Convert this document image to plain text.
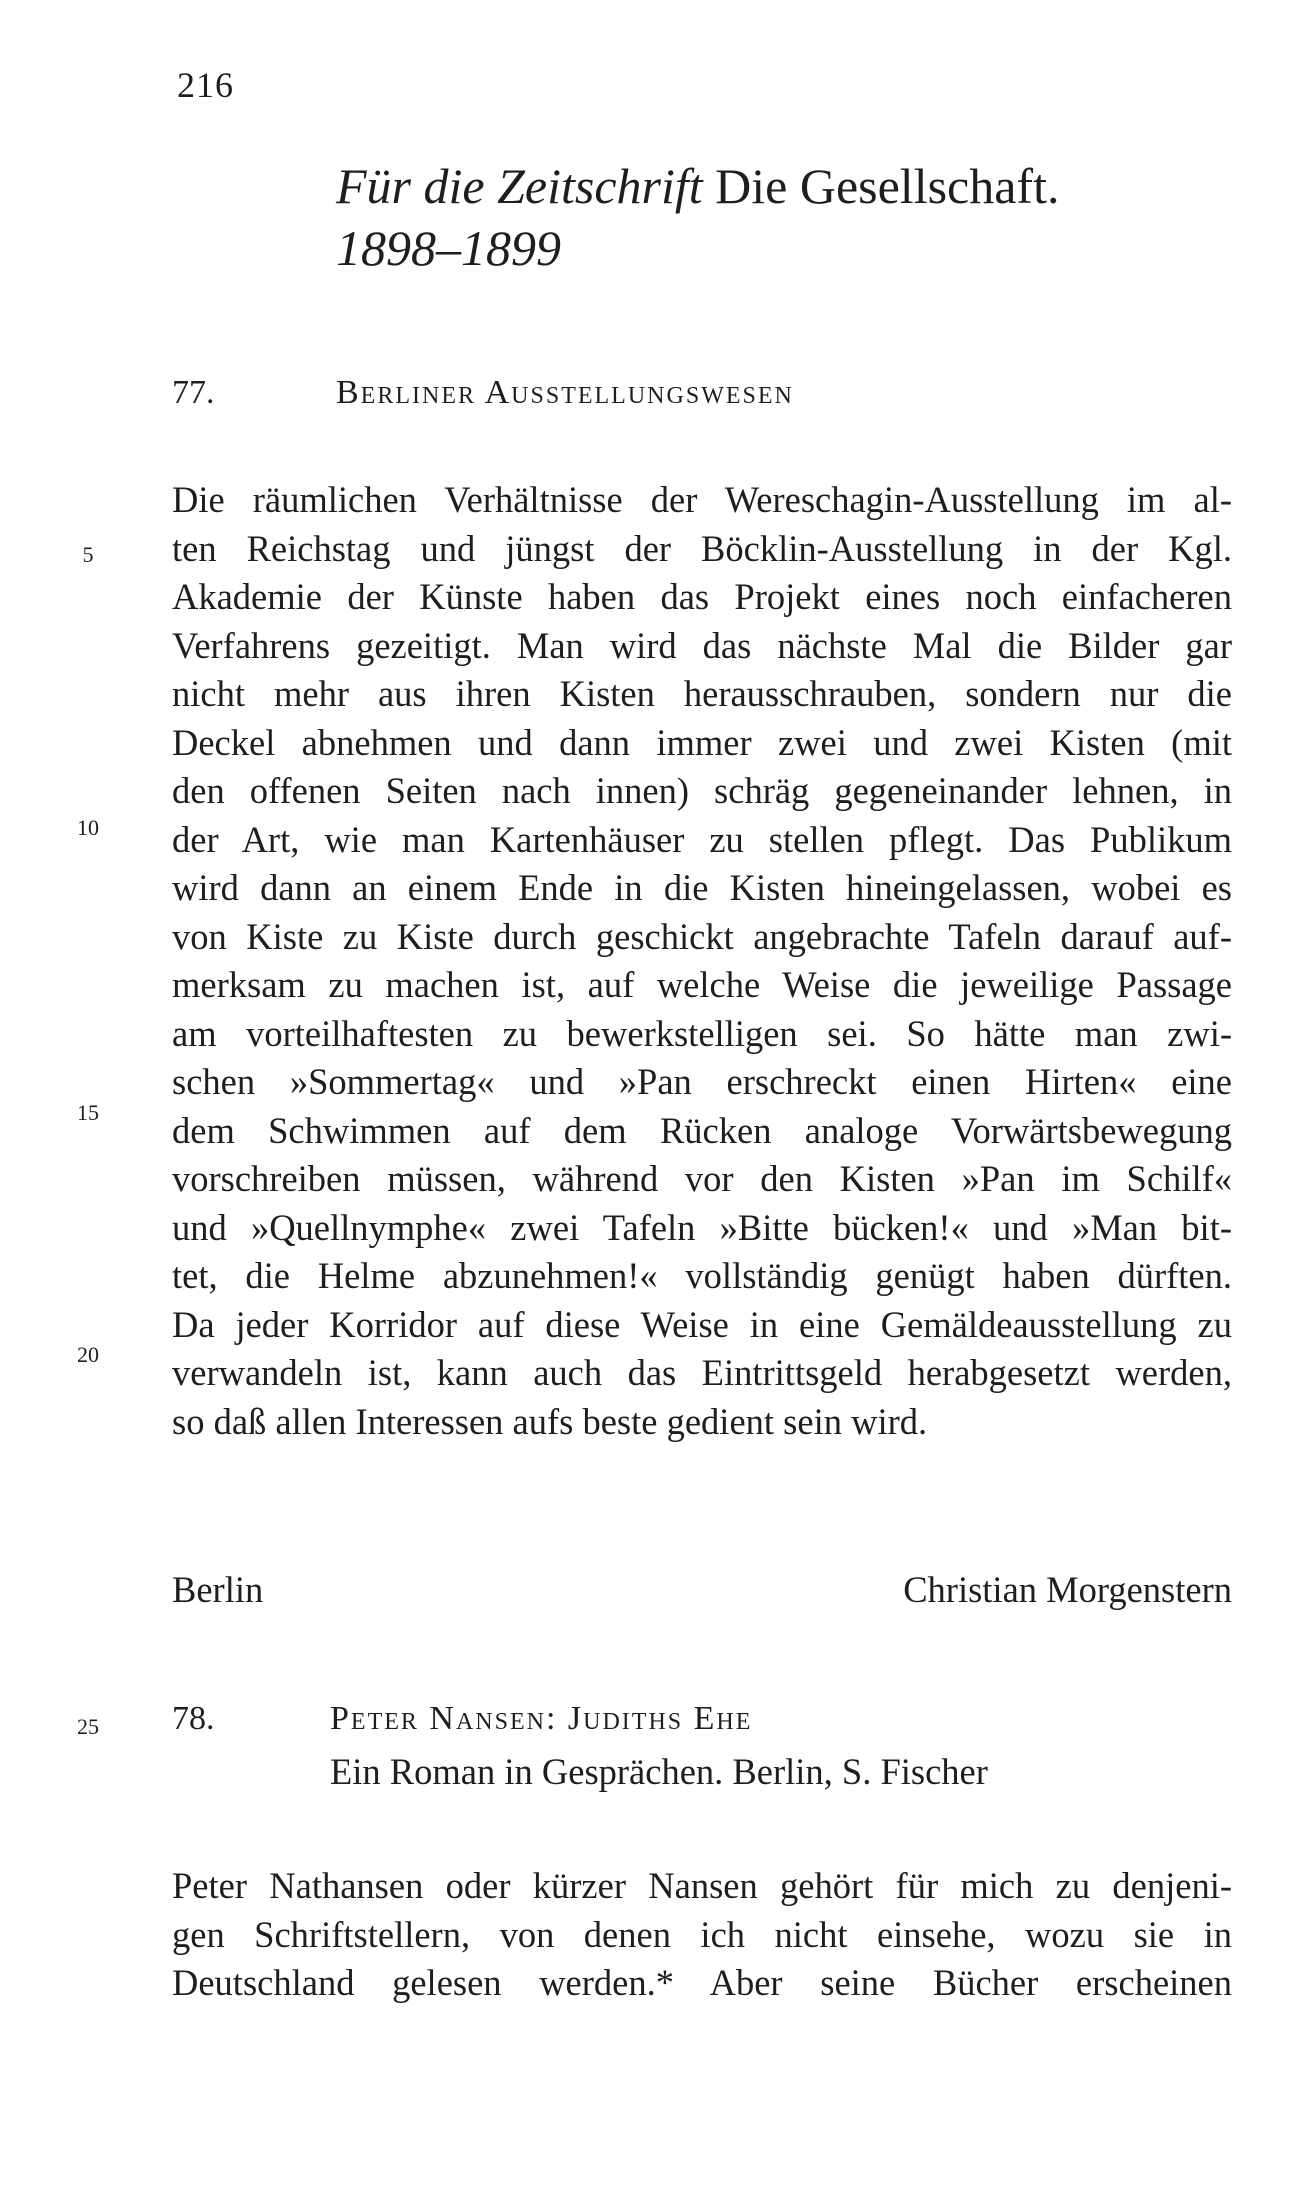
216
Für die Zeitschrift Die Gesellschaft.
1898–1899
77.	Berliner Ausstellungswesen
Die räumlichen Verhältnisse der Wereschagin-Ausstellung im al-
ten Reichstag und jüngst der Böcklin-Ausstellung in der Kgl.
Akademie der Künste haben das Projekt eines noch einfacheren
Verfahrens gezeitigt. Man wird das nächste Mal die Bilder gar
nicht mehr aus ihren Kisten herausschrauben, sondern nur die
Deckel abnehmen und dann immer zwei und zwei Kisten (mit
den offenen Seiten nach innen) schräg gegeneinander lehnen, in
der Art, wie man Kartenhäuser zu stellen pflegt. Das Publikum
wird dann an einem Ende in die Kisten hineingelassen, wobei es
von Kiste zu Kiste durch geschickt angebrachte Tafeln darauf auf-
merksam zu machen ist, auf welche Weise die jeweilige Passage
am vorteilhaftesten zu bewerkstelligen sei. So hätte man zwi-
schen »Sommertag« und »Pan erschreckt einen Hirten« eine
dem Schwimmen auf dem Rücken analoge Vorwärtsbewegung
vorschreiben müssen, während vor den Kisten »Pan im Schilf«
und »Quellnymphe« zwei Tafeln »Bitte bücken!« und »Man bit-
tet, die Helme abzunehmen!« vollständig genügt haben dürften.
Da jeder Korridor auf diese Weise in eine Gemäldeausstellung zu
verwandeln ist, kann auch das Eintrittsgeld herabgesetzt werden,
so daß allen Interessen aufs beste gedient sein wird.
Berlin	Christian Morgenstern
78.	Peter Nansen: Judiths Ehe
Ein Roman in Gesprächen. Berlin, S. Fischer
Peter Nathansen oder kürzer Nansen gehört für mich zu denjeni-
gen Schriftstellern, von denen ich nicht einsehe, wozu sie in
Deutschland gelesen werden.* Aber seine Bücher erscheinen
5
10
15
20
25
